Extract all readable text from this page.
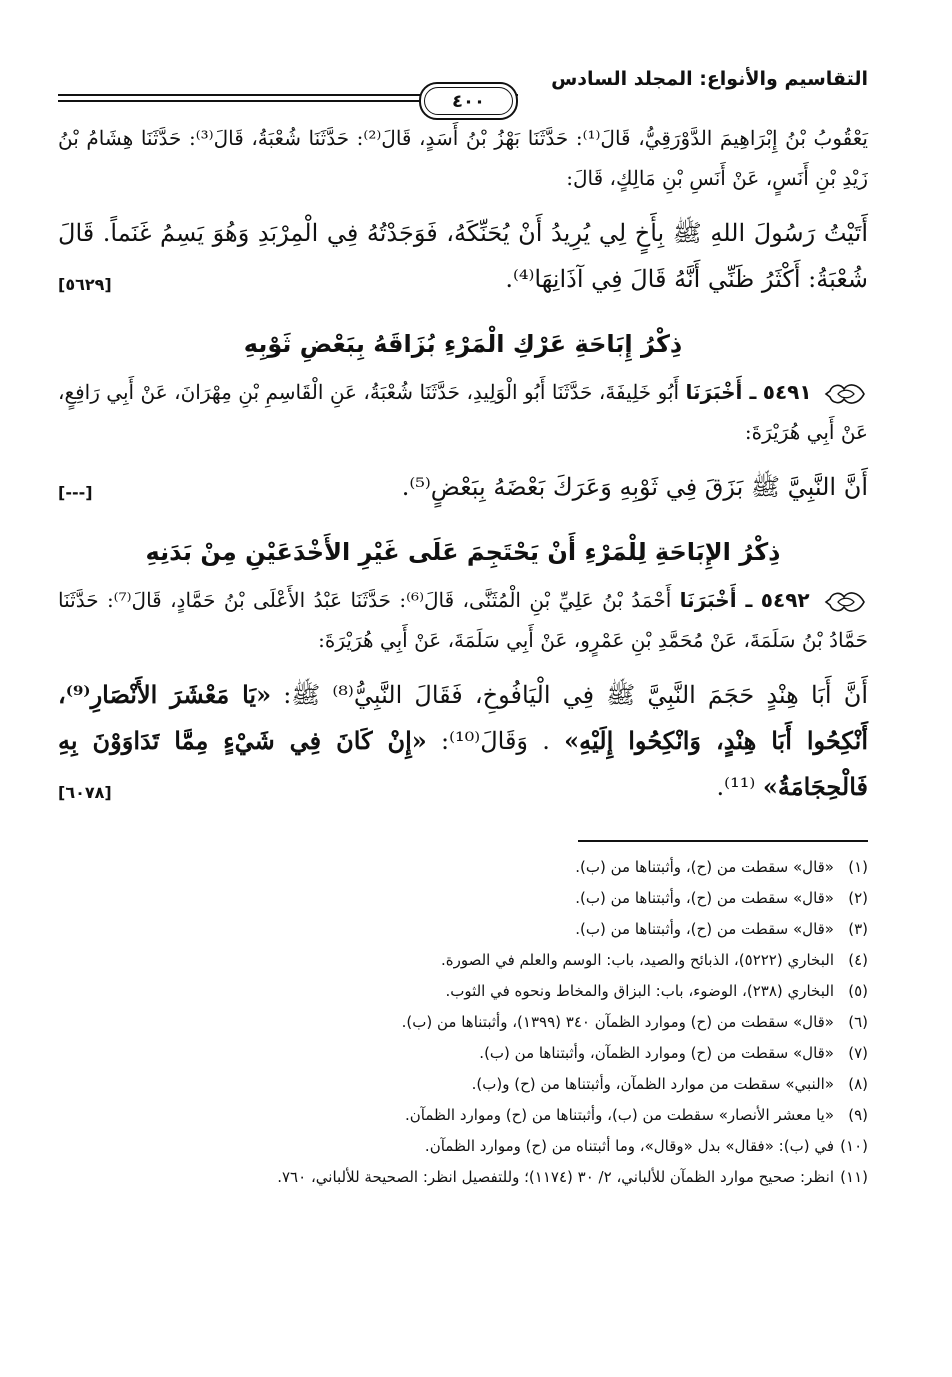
التقاسيم والأنواع: المجلد السادس
٤٠٠

يَعْقُوبُ بْنُ إِبْرَاهِيمَ الدَّوْرَقِيُّ، قَالَ⁽¹⁾: حَدَّثَنَا بَهْزُ بْنُ أَسَدٍ، قَالَ⁽²⁾: حَدَّثَنَا شُعْبَةُ، قَالَ⁽³⁾: حَدَّثَنَا هِشَامُ بْنُ زَيْدِ بْنِ أَنَسٍ، عَنْ أَنَسِ بْنِ مَالِكٍ، قَالَ:

أَتَيْتُ رَسُولَ اللهِ ﷺ بِأَخٍ لِي يُرِيدُ أَنْ يُحَنِّكَهُ، فَوَجَدْتُهُ فِي الْمِرْبَدِ وَهُوَ يَسِمُ غَنَماً. قَالَ شُعْبَةُ: أَكْثَرُ ظَنِّي أَنَّهُ قَالَ فِي آذَانِهَا⁽⁴⁾.
[٥٦٢٩]

ذِكْرُ إِبَاحَةِ عَرْكِ الْمَرْءِ بُزَاقَهُ بِبَعْضِ ثَوْبِهِ

٥٤٩١ ـ أَخْبَرَنَا أَبُو خَلِيفَةَ، حَدَّثَنَا أَبُو الْوَلِيدِ، حَدَّثَنَا شُعْبَةُ، عَنِ الْقَاسِمِ بْنِ مِهْرَانَ، عَنْ أَبِي رَافِعٍ، عَنْ أَبِي هُرَيْرَةَ:

أَنَّ النَّبِيَّ ﷺ بَزَقَ فِي ثَوْبِهِ وَعَرَكَ بَعْضَهُ بِبَعْضٍ⁽⁵⁾.
[---]

ذِكْرُ الإِبَاحَةِ لِلْمَرْءِ أَنْ يَحْتَجِمَ عَلَى غَيْرِ الأَخْدَعَيْنِ مِنْ بَدَنِهِ

٥٤٩٢ ـ أَخْبَرَنَا أَحْمَدُ بْنُ عَلِيِّ بْنِ الْمُثَنَّى، قَالَ⁽⁶⁾: حَدَّثَنَا عَبْدُ الأَعْلَى بْنُ حَمَّادٍ، قَالَ⁽⁷⁾: حَدَّثَنَا حَمَّادُ بْنُ سَلَمَةَ، عَنْ مُحَمَّدِ بْنِ عَمْرٍو، عَنْ أَبِي سَلَمَةَ، عَنْ أَبِي هُرَيْرَةَ:

أَنَّ أَبَا هِنْدٍ حَجَمَ النَّبِيَّ ﷺ فِي الْيَافُوخِ، فَقَالَ النَّبِيُّ⁽⁸⁾ ﷺ: «يَا مَعْشَرَ الأَنْصَارِ⁽⁹⁾، أَنْكِحُوا أَبَا هِنْدٍ، وَانْكِحُوا إِلَيْهِ» . وَقَالَ⁽¹⁰⁾: «إِنْ كَانَ فِي شَيْءٍ مِمَّا تَدَاوَوْنَ بِهِ فَالْحِجَامَةُ» ⁽¹¹⁾.
[٦٠٧٨]

(١)
«قال» سقطت من (ح)، وأثبتناها من (ب).
(٢)
«قال» سقطت من (ح)، وأثبتناها من (ب).
(٣)
«قال» سقطت من (ح)، وأثبتناها من (ب).
(٤)
البخاري (٥٢٢٢)، الذبائح والصيد، باب: الوسم والعلم في الصورة.
(٥)
البخاري (٢٣٨)، الوضوء، باب: البزاق والمخاط ونحوه في الثوب.
(٦)
«قال» سقطت من (ح) وموارد الظمآن ٣٤٠ (١٣٩٩)، وأثبتناها من (ب).
(٧)
«قال» سقطت من (ح) وموارد الظمآن، وأثبتناها من (ب).
(٨)
«النبي» سقطت من موارد الظمآن، وأثبتناها من (ح) و(ب).
(٩)
«يا معشر الأنصار» سقطت من (ب)، وأثبتناها من (ح) وموارد الظمآن.
(١٠)
في (ب): «فقال» بدل «وقال»، وما أثبتناه من (ح) وموارد الظمآن.
(١١)
انظر: صحيح موارد الظمآن للألباني، ٢/ ٣٠ (١١٧٤)؛ وللتفصيل انظر: الصحيحة للألباني، ٧٦٠.
